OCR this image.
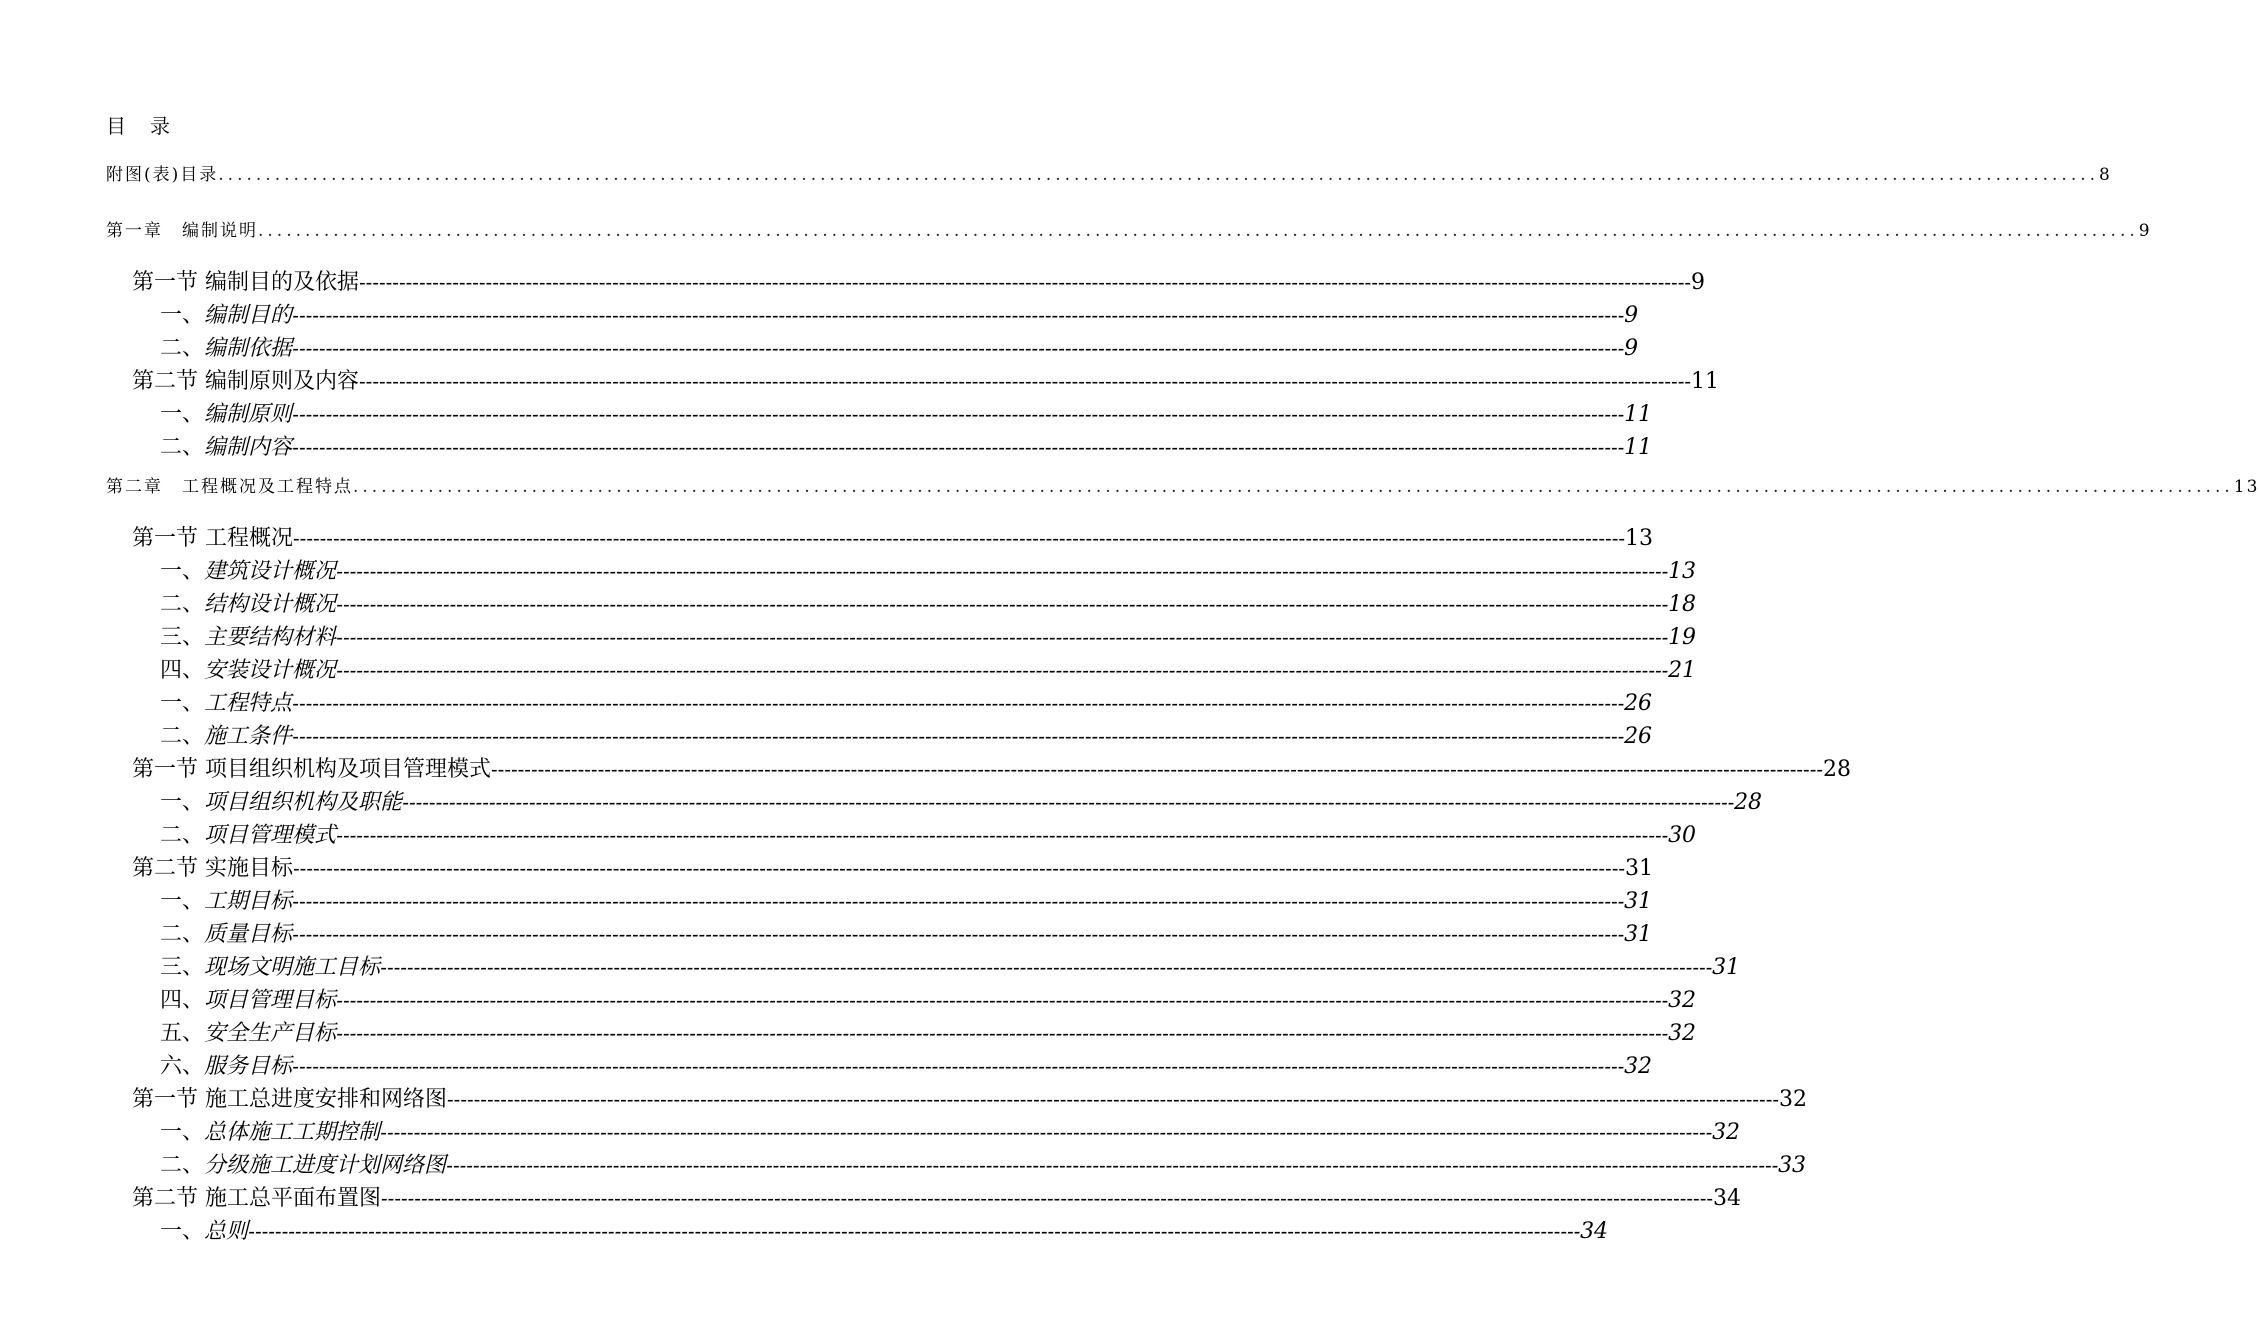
目　录
附图(表)目录 ........................................................................................................................................................................................................ 8
第一章　编制说明 ........................................................................................................................................................................................................ 9
第一节 编制目的及依据 -------------------------------------------------------------------------------------------------------------------------------------------------------------------------------------------------------- 9
一、编制目的 -------------------------------------------------------------------------------------------------------------------------------------------------------------------------------------------------------- 9
二、编制依据 -------------------------------------------------------------------------------------------------------------------------------------------------------------------------------------------------------- 9
第二节 编制原则及内容 -------------------------------------------------------------------------------------------------------------------------------------------------------------------------------------------------------- 11
一、编制原则 -------------------------------------------------------------------------------------------------------------------------------------------------------------------------------------------------------- 11
二、编制内容 -------------------------------------------------------------------------------------------------------------------------------------------------------------------------------------------------------- 11
第二章　工程概况及工程特点 ........................................................................................................................................................................................................ 13
第一节 工程概况 -------------------------------------------------------------------------------------------------------------------------------------------------------------------------------------------------------- 13
一、建筑设计概况 -------------------------------------------------------------------------------------------------------------------------------------------------------------------------------------------------------- 13
二、结构设计概况 -------------------------------------------------------------------------------------------------------------------------------------------------------------------------------------------------------- 18
三、主要结构材料 -------------------------------------------------------------------------------------------------------------------------------------------------------------------------------------------------------- 19
四、安装设计概况 -------------------------------------------------------------------------------------------------------------------------------------------------------------------------------------------------------- 21
一、工程特点 -------------------------------------------------------------------------------------------------------------------------------------------------------------------------------------------------------- 26
二、施工条件 -------------------------------------------------------------------------------------------------------------------------------------------------------------------------------------------------------- 26
第一节 项目组织机构及项目管理模式 -------------------------------------------------------------------------------------------------------------------------------------------------------------------------------------------------------- 28
一、项目组织机构及职能 -------------------------------------------------------------------------------------------------------------------------------------------------------------------------------------------------------- 28
二、项目管理模式 -------------------------------------------------------------------------------------------------------------------------------------------------------------------------------------------------------- 30
第二节 实施目标 -------------------------------------------------------------------------------------------------------------------------------------------------------------------------------------------------------- 31
一、工期目标 -------------------------------------------------------------------------------------------------------------------------------------------------------------------------------------------------------- 31
二、质量目标 -------------------------------------------------------------------------------------------------------------------------------------------------------------------------------------------------------- 31
三、现场文明施工目标 -------------------------------------------------------------------------------------------------------------------------------------------------------------------------------------------------------- 31
四、项目管理目标 -------------------------------------------------------------------------------------------------------------------------------------------------------------------------------------------------------- 32
五、安全生产目标 -------------------------------------------------------------------------------------------------------------------------------------------------------------------------------------------------------- 32
六、服务目标 -------------------------------------------------------------------------------------------------------------------------------------------------------------------------------------------------------- 32
第一节 施工总进度安排和网络图 -------------------------------------------------------------------------------------------------------------------------------------------------------------------------------------------------------- 32
一、总体施工工期控制 -------------------------------------------------------------------------------------------------------------------------------------------------------------------------------------------------------- 32
二、分级施工进度计划网络图 -------------------------------------------------------------------------------------------------------------------------------------------------------------------------------------------------------- 33
第二节 施工总平面布置图 -------------------------------------------------------------------------------------------------------------------------------------------------------------------------------------------------------- 34
一、总则 -------------------------------------------------------------------------------------------------------------------------------------------------------------------------------------------------------- 34
